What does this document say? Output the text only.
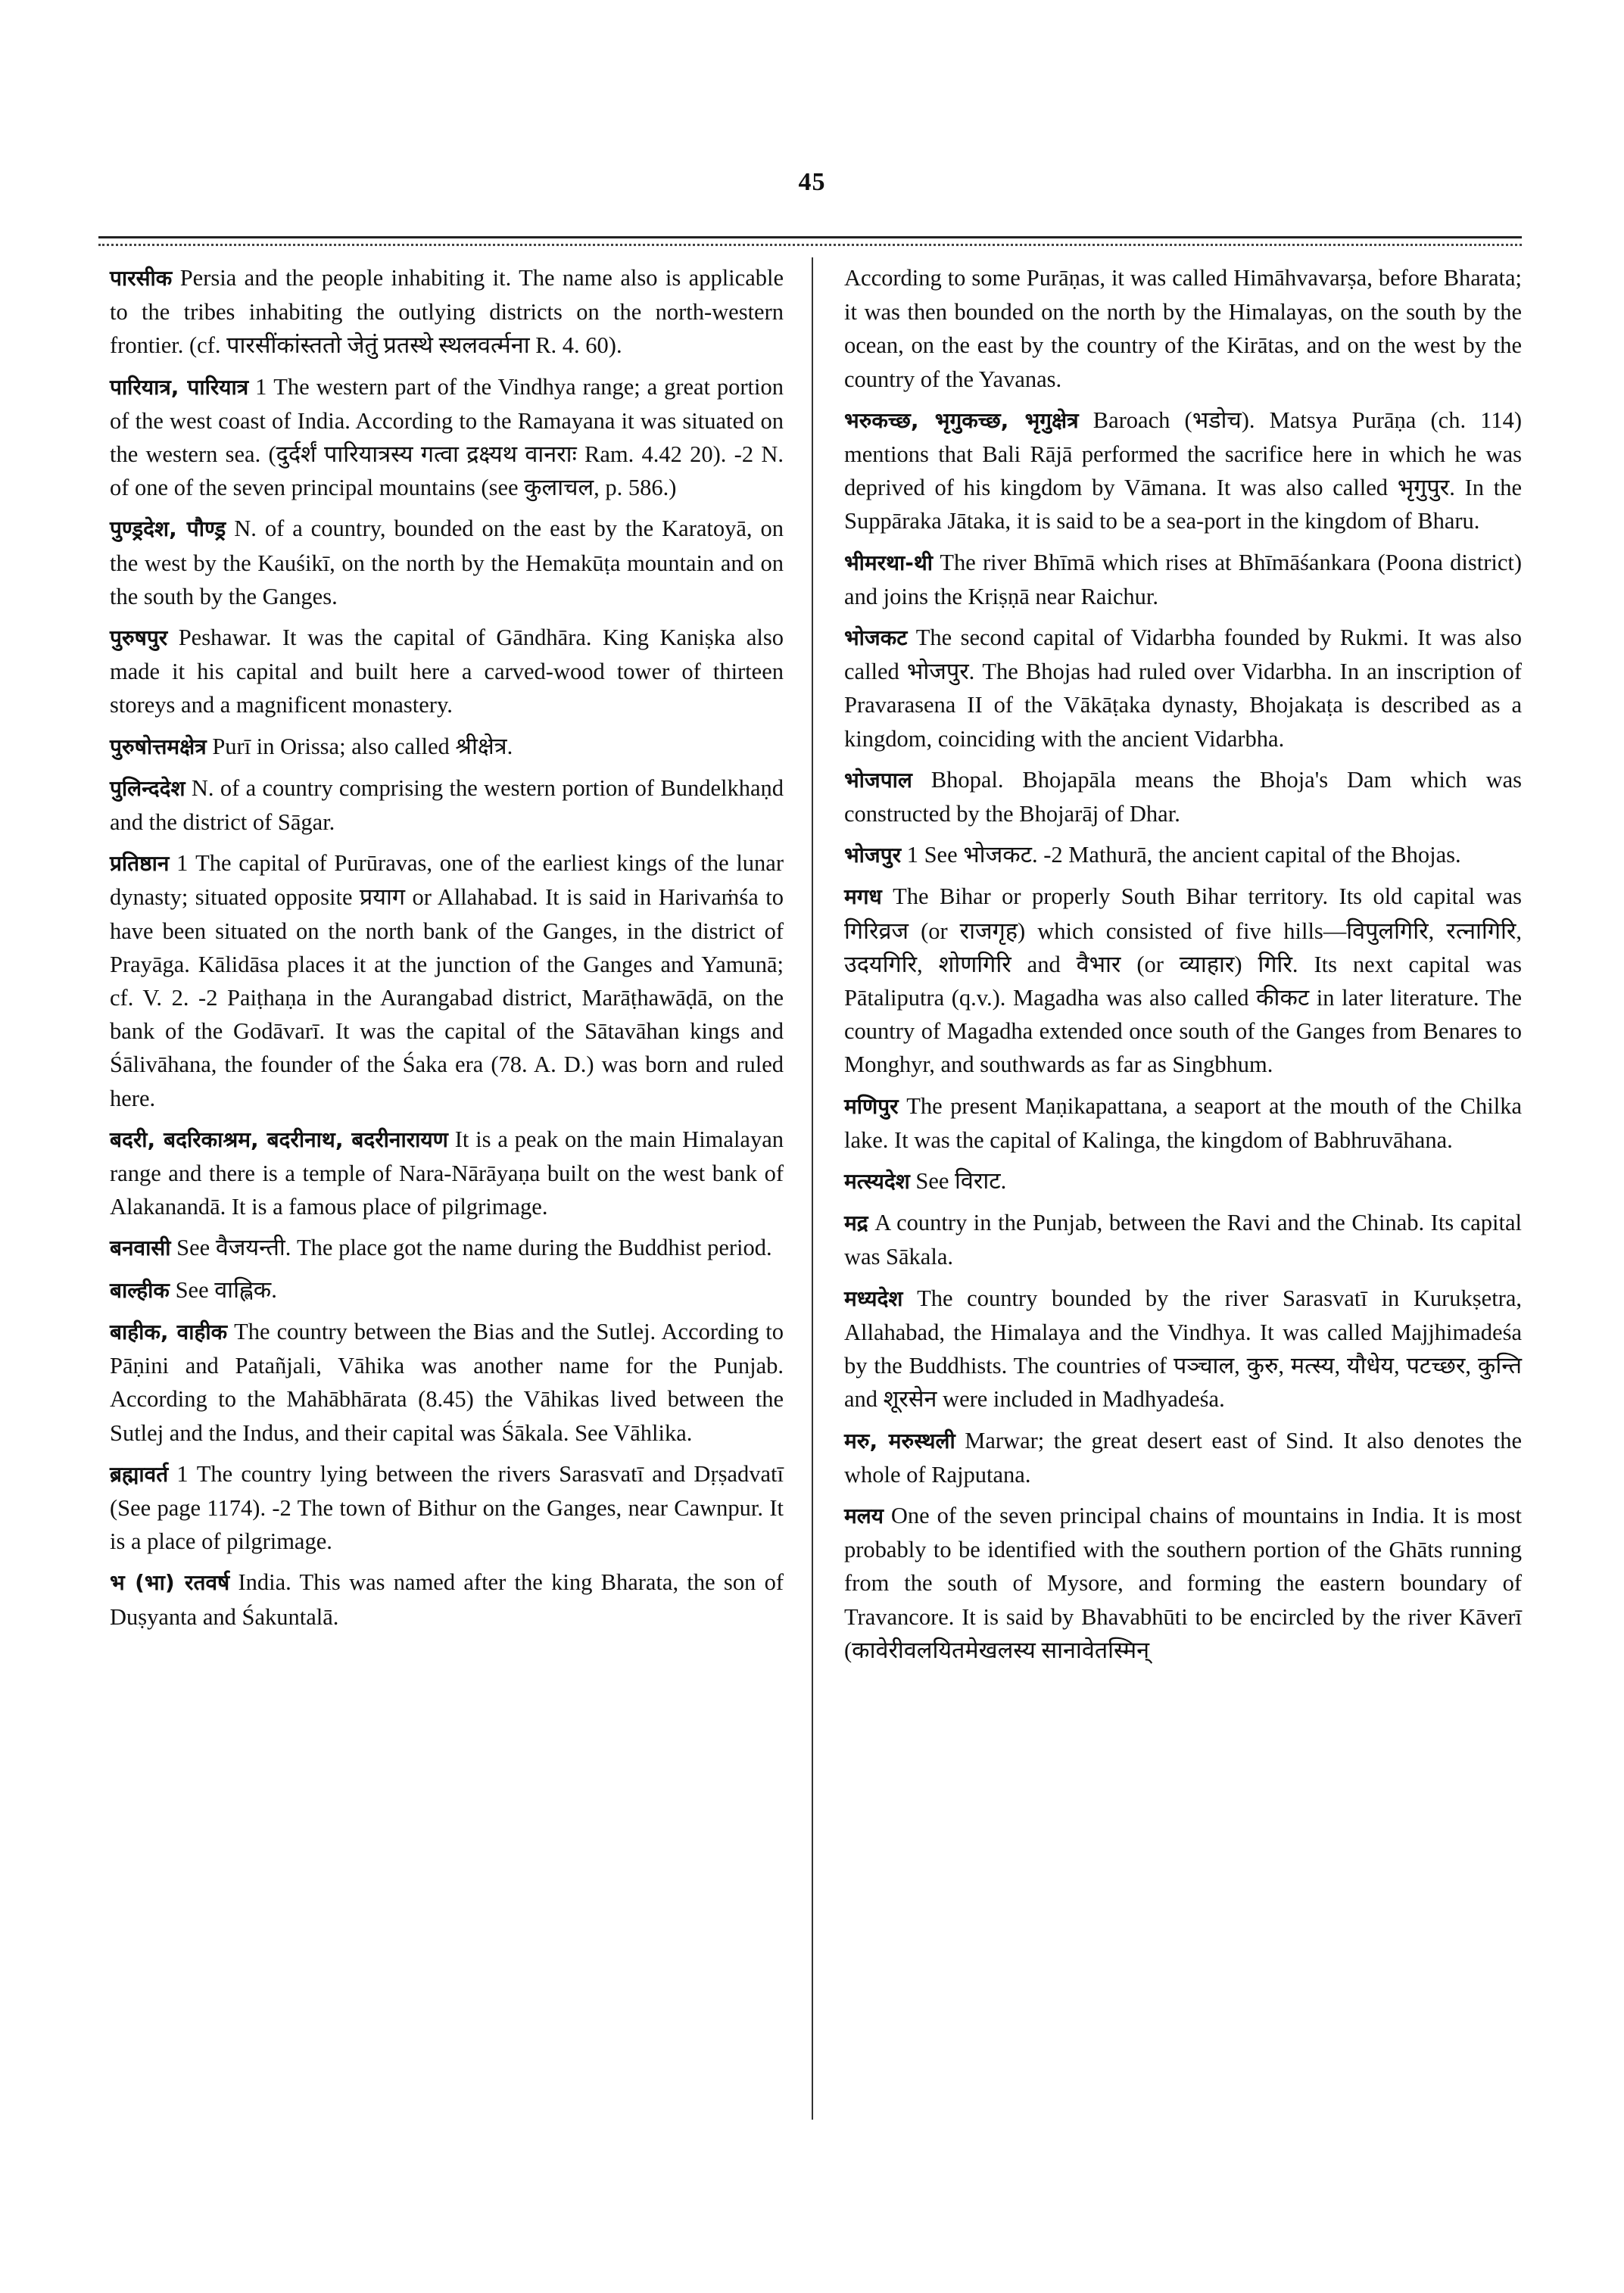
45

पारसीक Persia and the people inhabiting it. The name also is applicable to the tribes inhabiting the outlying districts on the north-western frontier. (cf. पारसींकांस्ततो जेतुं प्रतस्थे स्थलवर्त्मना R. 4. 60).

पारियात्र, पारियात्र 1 The western part of the Vindhya range; a great portion of the west coast of India. According to the Ramayana it was situated on the western sea. (दुर्दर्शं पारियात्रस्य गत्वा द्रक्ष्यथ वानराः Ram. 4.42 20). -2 N. of one of the seven principal mountains (see कुलाचल, p. 586.)

पुण्ड्रदेश, पौण्ड्र N. of a country, bounded on the east by the Karatoyā, on the west by the Kauśikī, on the north by the Hemakūṭa mountain and on the south by the Ganges.

पुरुषपुर Peshawar. It was the capital of Gāndhāra. King Kaniṣka also made it his capital and built here a carved-wood tower of thirteen storeys and a magnificent monastery.

पुरुषोत्तमक्षेत्र Purī in Orissa; also called श्रीक्षेत्र.

पुलिन्ददेश N. of a country comprising the western portion of Bundelkhaṇd and the district of Sāgar.

प्रतिष्ठान 1 The capital of Purūravas, one of the earliest kings of the lunar dynasty; situated opposite प्रयाग or Allahabad. It is said in Harivaṁśa to have been situated on the north bank of the Ganges, in the district of Prayāga. Kālidāsa places it at the junction of the Ganges and Yamunā; cf. V. 2. -2 Paiṭhaṇa in the Aurangabad district, Marāṭhawāḍā, on the bank of the Godāvarī. It was the capital of the Sātavāhan kings and Śālivāhana, the founder of the Śaka era (78. A. D.) was born and ruled here.

बदरी, बदरिकाश्रम, बदरीनाथ, बदरीनारायण It is a peak on the main Himalayan range and there is a temple of Nara-Nārāyaṇa built on the west bank of Alakanandā. It is a famous place of pilgrimage.

बनवासी See वैजयन्ती. The place got the name during the Buddhist period.

बाल्हीक See वाह्लिक.

बाहीक, वाहीक The country between the Bias and the Sutlej. According to Pāṇini and Patañjali, Vāhika was another name for the Punjab. According to the Mahābhārata (8.45) the Vāhikas lived between the Sutlej and the Indus, and their capital was Śākala. See Vāhlika.

ब्रह्मावर्त 1 The country lying between the rivers Sarasvatī and Dṛṣadvatī (See page 1174). -2 The town of Bithur on the Ganges, near Cawnpur. It is a place of pilgrimage.

भ (भा) रतवर्ष India. This was named after the king Bharata, the son of Duṣyanta and Śakuntalā.

According to some Purāṇas, it was called Himāhvavarṣa, before Bharata; it was then bounded on the north by the Himalayas, on the south by the ocean, on the east by the country of the Kirātas, and on the west by the country of the Yavanas.

भरुकच्छ, भृगुकच्छ, भृगुक्षेत्र Baroach (भडोच). Matsya Purāṇa (ch. 114) mentions that Bali Rājā performed the sacrifice here in which he was deprived of his kingdom by Vāmana. It was also called भृगुपुर. In the Suppāraka Jātaka, it is said to be a sea-port in the kingdom of Bharu.

भीमरथा-थी The river Bhīmā which rises at Bhīmāśankara (Poona district) and joins the Kriṣṇā near Raichur.

भोजकट The second capital of Vidarbha founded by Rukmi. It was also called भोजपुर. The Bhojas had ruled over Vidarbha. In an inscription of Pravarasena II of the Vākāṭaka dynasty, Bhojakaṭa is described as a kingdom, coinciding with the ancient Vidarbha.

भोजपाल Bhopal. Bhojapāla means the Bhoja's Dam which was constructed by the Bhojarāj of Dhar.

भोजपुर 1 See भोजकट. -2 Mathurā, the ancient capital of the Bhojas.

मगध The Bihar or properly South Bihar territory. Its old capital was गिरिव्रज (or राजगृह) which consisted of five hills—विपुलगिरि, रत्नागिरि, उदयगिरि, शोणगिरि and वैभार (or व्याहार) गिरि. Its next capital was Pātaliputra (q.v.). Magadha was also called कीकट in later literature. The country of Magadha extended once south of the Ganges from Benares to Monghyr, and southwards as far as Singbhum.

मणिपुर The present Maṇikapattana, a seaport at the mouth of the Chilka lake. It was the capital of Kalinga, the kingdom of Babhruvāhana.

मत्स्यदेश See विराट.

मद्र A country in the Punjab, between the Ravi and the Chinab. Its capital was Sākala.

मध्यदेश The country bounded by the river Sarasvatī in Kurukṣetra, Allahabad, the Himalaya and the Vindhya. It was called Majjhimadeśa by the Buddhists. The countries of पञ्चाल, कुरु, मत्स्य, यौधेय, पटच्छर, कुन्ति and शूरसेन were included in Madhyadeśa.

मरु, मरुस्थली Marwar; the great desert east of Sind. It also denotes the whole of Rajputana.

मलय One of the seven principal chains of mountains in India. It is most probably to be identified with the southern portion of the Ghāts running from the south of Mysore, and forming the eastern boundary of Travancore. It is said by Bhavabhūti to be encircled by the river Kāverī (कावेरीवलयितमेखलस्य सानावेतस्मिन्
